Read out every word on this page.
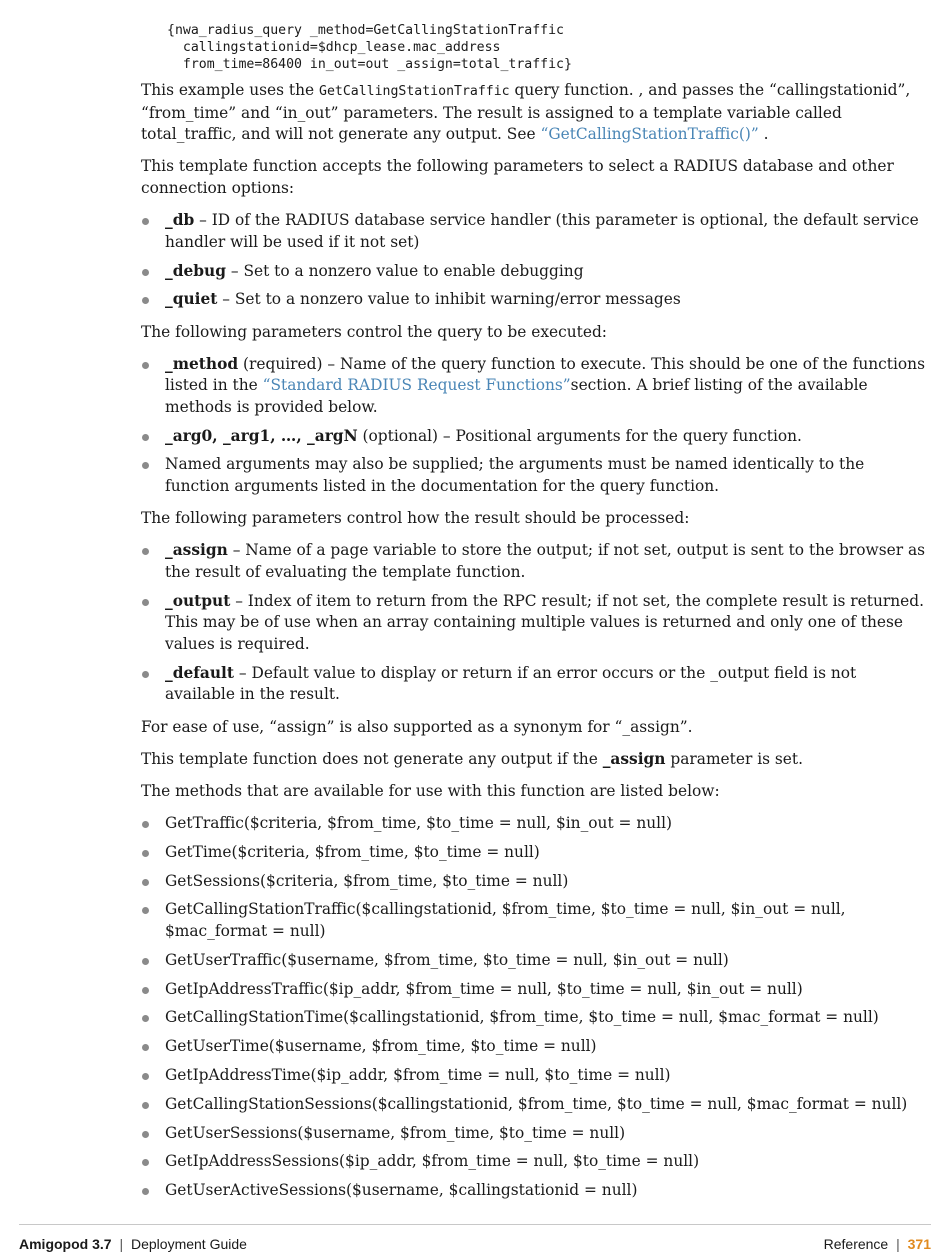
{nwa_radius_query _method=GetCallingStationTraffic
callingstationid=$dhcp_lease.mac_address
from_time=86400 in_out=out _assign=total_traffic}

This example uses the GetCallingStationTraffic query function. , and passes the “callingstationid”, “from_time” and “in_out” parameters. The result is assigned to a template variable called total_traffic, and will not generate any output. See “GetCallingStationTraffic()” .

This template function accepts the following parameters to select a RADIUS database and other connection options:

_db – ID of the RADIUS database service handler (this parameter is optional, the default service handler will be used if it not set)
_debug – Set to a nonzero value to enable debugging
_quiet – Set to a nonzero value to inhibit warning/error messages

The following parameters control the query to be executed:

_method (required) – Name of the query function to execute. This should be one of the functions listed in the “Standard RADIUS Request Functions”section. A brief listing of the available methods is provided below.
_arg0, _arg1, …, _argN (optional) – Positional arguments for the query function.
Named arguments may also be supplied; the arguments must be named identically to the function arguments listed in the documentation for the query function.

The following parameters control how the result should be processed:

_assign – Name of a page variable to store the output; if not set, output is sent to the browser as the result of evaluating the template function.
_output – Index of item to return from the RPC result; if not set, the complete result is returned. This may be of use when an array containing multiple values is returned and only one of these values is required.
_default – Default value to display or return if an error occurs or the _output field is not available in the result.

For ease of use, “assign” is also supported as a synonym for “_assign”.

This template function does not generate any output if the _assign parameter is set.

The methods that are available for use with this function are listed below:

GetTraffic($criteria, $from_time, $to_time = null, $in_out = null)
GetTime($criteria, $from_time, $to_time = null)
GetSessions($criteria, $from_time, $to_time = null)
GetCallingStationTraffic($callingstationid, $from_time, $to_time = null, $in_out = null, $mac_format = null)
GetUserTraffic($username, $from_time, $to_time = null, $in_out = null)
GetIpAddressTraffic($ip_addr, $from_time = null, $to_time = null, $in_out = null)
GetCallingStationTime($callingstationid, $from_time, $to_time = null, $mac_format = null)
GetUserTime($username, $from_time, $to_time = null)
GetIpAddressTime($ip_addr, $from_time = null, $to_time = null)
GetCallingStationSessions($callingstationid, $from_time, $to_time = null, $mac_format = null)
GetUserSessions($username, $from_time, $to_time = null)
GetIpAddressSessions($ip_addr, $from_time = null, $to_time = null)
GetUserActiveSessions($username, $callingstationid = null)
Amigopod 3.7 | Deployment Guide	Reference | 371
